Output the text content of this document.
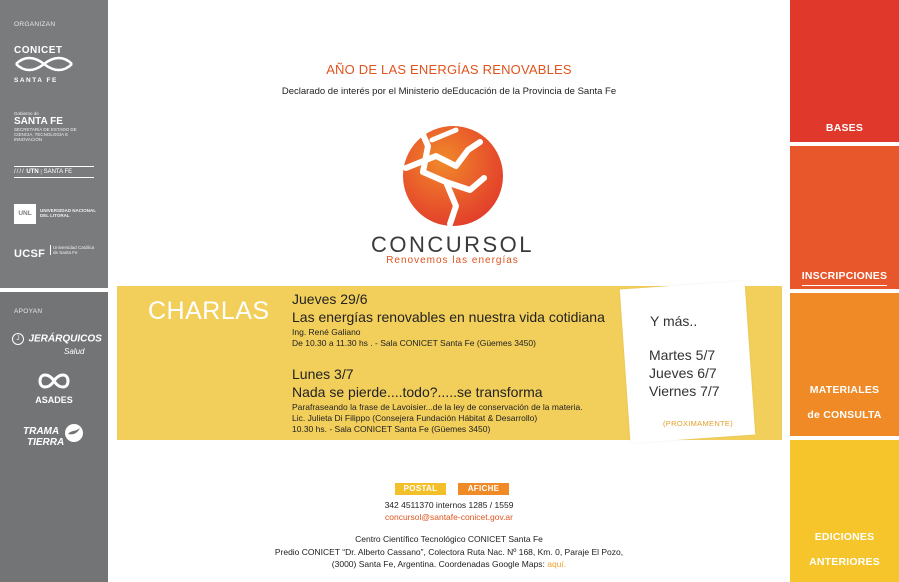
ORGANIZAN
CONICET
SANTA FE
Gobierno de
SANTA FE
SECRETARÍA DE ESTADO DE CIENCIA, TECNOLOGÍA E INNOVACIÓN
//// UTN | SANTA FE
UNL	UNIVERSIDAD NACIONAL DEL LITORAL
UCSF
Universidad Católica de Santa Fe
APOYAN
J JERÁRQUICOS
Salud
ASADES
TRAMA
TIERRA
BASES
INSCRIPCIONES
MATERIALES
de CONSULTA
EDICIONES
ANTERIORES
AÑO DE LAS ENERGÍAS RENOVABLES
Declarado de interés por el Ministerio deEducación de la Provincia de Santa Fe
CONCURSOL
Renovemos las energías
CHARLAS Jueves 29/6
Las energías renovables en nuestra vida cotidiana
Ing. René Galiano
De 10.30 a 11.30 hs . - Sala CONICET Santa Fe (Güemes 3450)
Lunes 3/7
Nada se pierde....todo?.....se transforma
Parafraseando la frase de Lavoisier...de la ley de conservación de la materia.
Lic. Julieta Di Filippo (Consejera Fundación Hábitat & Desarrollo)
10.30 hs. - Sala CONICET Santa Fe (Güemes 3450)
Y más..
Martes 5/7
Jueves 6/7
Viernes 7/7
(PROXIMAMENTE)
POSTAL	AFICHE
342 4511370 internos 1285 / 1559
concursol@santafe-conicet.gov.ar
Centro Científico Tecnológico CONICET Santa Fe
Predio CONICET “Dr. Alberto Cassano”, Colectora Ruta Nac. Nº 168, Km. 0, Paraje El Pozo,
(3000) Santa Fe, Argentina. Coordenadas Google Maps: aquí.
